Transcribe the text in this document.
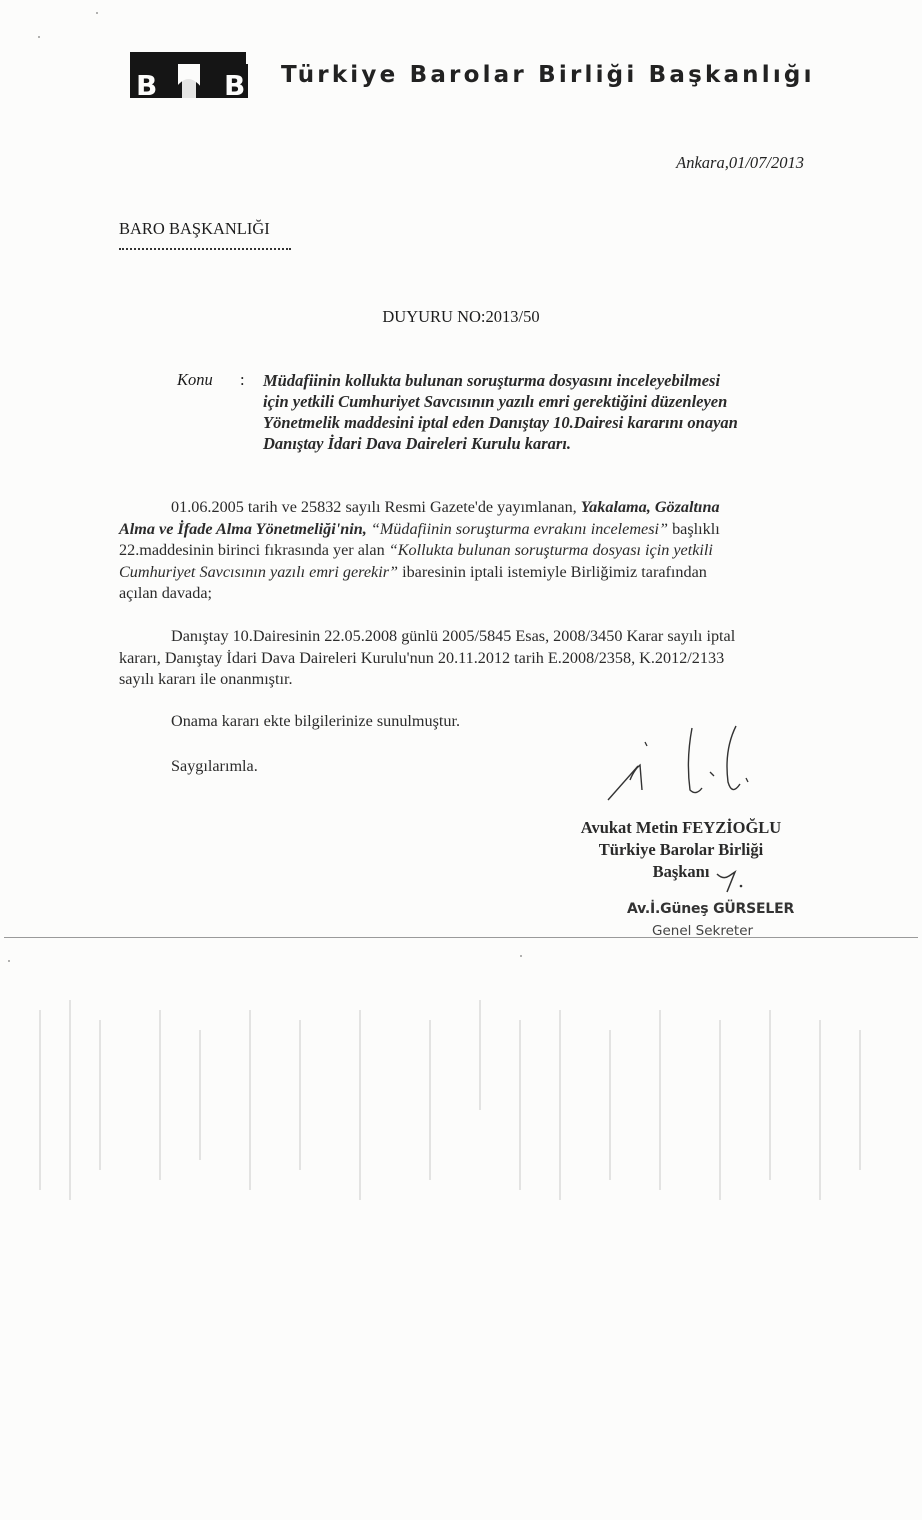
B B Türkiye Barolar Birliği Başkanlığı
Ankara,01/07/2013
BARO BAŞKANLIĞI
DUYURU NO:2013/50
Konu : Müdafiinin kollukta bulunan soruşturma dosyasını inceleyebilmesi
için yetkili Cumhuriyet Savcısının yazılı emri gerektiğini düzenleyen
Yönetmelik maddesini iptal eden Danıştay 10.Dairesi kararını onayan
Danıştay İdari Dava Daireleri Kurulu kararı.
01.06.2005 tarih ve 25832 sayılı Resmi Gazete'de yayımlanan, Yakalama, Gözaltına
Alma ve İfade Alma Yönetmeliği'nin, “Müdafiinin soruşturma evrakını incelemesi” başlıklı
22.maddesinin birinci fıkrasında yer alan “Kollukta bulunan soruşturma dosyası için yetkili
Cumhuriyet Savcısının yazılı emri gerekir” ibaresinin iptali istemiyle Birliğimiz tarafından
açılan davada;
Danıştay 10.Dairesinin 22.05.2008 günlü 2005/5845 Esas, 2008/3450 Karar sayılı iptal
kararı, Danıştay İdari Dava Daireleri Kurulu'nun 20.11.2012 tarih E.2008/2358, K.2012/2133
sayılı kararı ile onanmıştır.
Onama kararı ekte bilgilerinize sunulmuştur.
Saygılarımla.
Avukat Metin FEYZİOĞLU
Türkiye Barolar Birliği
Başkanı
Av.İ.Güneş GÜRSELER
Genel Sekreter
